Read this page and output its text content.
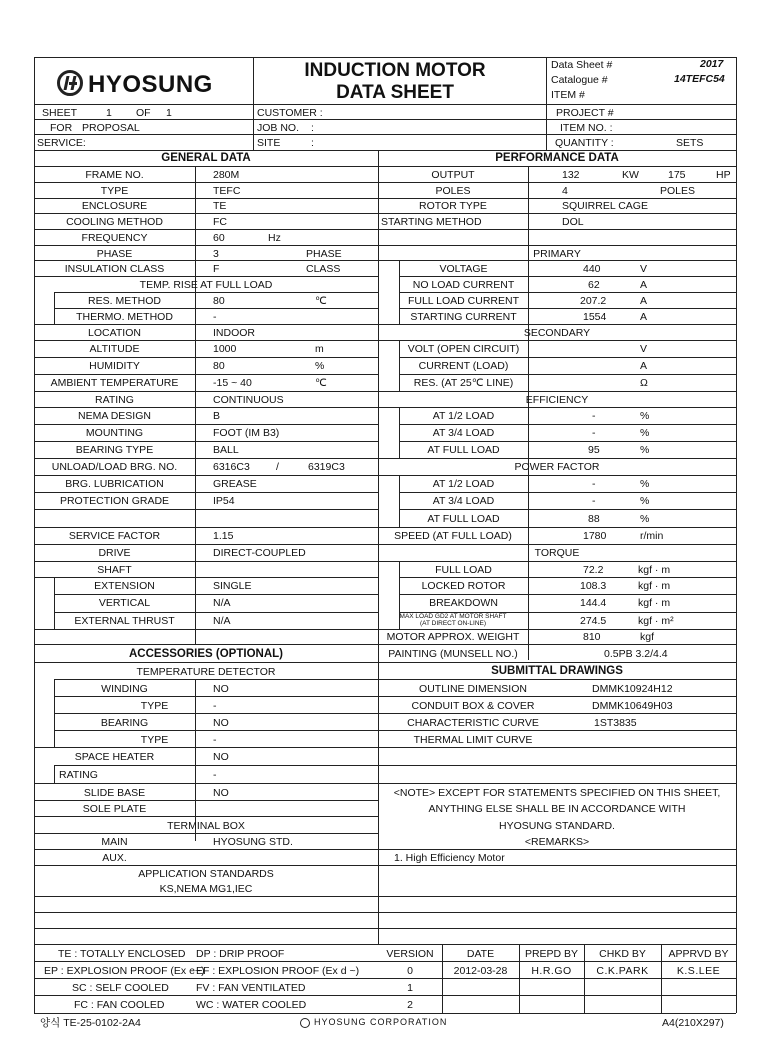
HYOSUNG
INDUCTION MOTOR
DATA SHEET
Data Sheet #	2017
Catalogue #	14TEFC54
ITEM #
SHEET	1 OF 1
FOR PROPOSAL
SERVICE:
CUSTOMER :
JOB NO. :
SITE	:
PROJECT #
ITEM NO. :
QUANTITY :	SETS
GENERAL DATA
FRAME NO.	280M
TYPE	TEFC
ENCLOSURE	TE
COOLING METHOD	FC
FREQUENCY	60	Hz
PHASE	3	PHASE
INSULATION CLASS	F	CLASS
TEMP. RISE AT FULL LOAD
RES. METHOD	80	℃
THERMO. METHOD	-
LOCATION	INDOOR
ALTITUDE	1000	m
HUMIDITY	80	%
AMBIENT TEMPERATURE	-15 ~ 40	℃
RATING	CONTINUOUS
NEMA DESIGN	B
MOUNTING	FOOT (IM B3)
BEARING TYPE	BALL
UNLOAD/LOAD BRG. NO.	6316C3 /	6319C3
BRG. LUBRICATION	GREASE
PROTECTION GRADE	IP54
SERVICE FACTOR	1.15
DRIVE	DIRECT-COUPLED
SHAFT
EXTENSION	SINGLE
VERTICAL	N/A
EXTERNAL THRUST	N/A
PERFORMANCE DATA
OUTPUT	132	KW	175	HP
POLES	4	POLES
ROTOR TYPE	SQUIRREL CAGE
STARTING METHOD	DOL
PRIMARY
VOLTAGE	440	V
NO LOAD CURRENT	62	A
FULL LOAD CURRENT	207.2	A
STARTING CURRENT	1554	A
SECONDARY
VOLT (OPEN CIRCUIT)	V
CURRENT (LOAD)	A
RES. (AT 25℃ LINE)	Ω
EFFICIENCY
AT 1/2 LOAD	-	%
AT 3/4 LOAD	-	%
AT FULL LOAD	95	%
POWER FACTOR
AT 1/2 LOAD	-	%
AT 3/4 LOAD	-	%
AT FULL LOAD	88	%
SPEED (AT FULL LOAD)	1780	r/min
TORQUE
FULL LOAD	72.2	kgf · m
LOCKED ROTOR	108.3	kgf · m
BREAKDOWN	144.4	kgf · m
MAX LOAD GD2 AT MOTOR SHAFT
(AT DIRECT ON-LINE)	274.5	kgf · m²
MOTOR APPROX. WEIGHT	810	kgf
PAINTING (MUNSELL NO.)	0.5PB 3.2/4.4
ACCESSORIES (OPTIONAL)
TEMPERATURE DETECTOR
WINDING	NO
TYPE	-
BEARING	NO
TYPE	-
SPACE HEATER	NO
RATING	-
SLIDE BASE	NO
SOLE PLATE
TERMINAL BOX
MAIN	HYOSUNG STD.
AUX.
APPLICATION STANDARDS
KS,NEMA MG1,IEC
SUBMITTAL DRAWINGS
OUTLINE DIMENSION	DMMK10924H12
CONDUIT BOX & COVER	DMMK10649H03
CHARACTERISTIC CURVE	1ST3835
THERMAL LIMIT CURVE
<NOTE> EXCEPT FOR STATEMENTS SPECIFIED ON THIS SHEET,
ANYTHING ELSE SHALL BE IN ACCORDANCE WITH
HYOSUNG STANDARD.
<REMARKS>
1. High Efficiency Motor
TE : TOTALLY ENCLOSED DP : DRIP PROOF
EP : EXPLOSION PROOF (Ex e~)
EF : EXPLOSION PROOF (Ex d ~)
SC : SELF COOLED	FV : FAN VENTILATED
FC : FAN COOLED	WC : WATER COOLED
VERSION	DATE	PREPD BY	CHKD BY	APPRVD BY
0	2012-03-28	H.R.GO	C.K.PARK	K.S.LEE
1
2
양식 TE-25-0102-2A4	HYOSUNG CORPORATION	A4(210X297)
